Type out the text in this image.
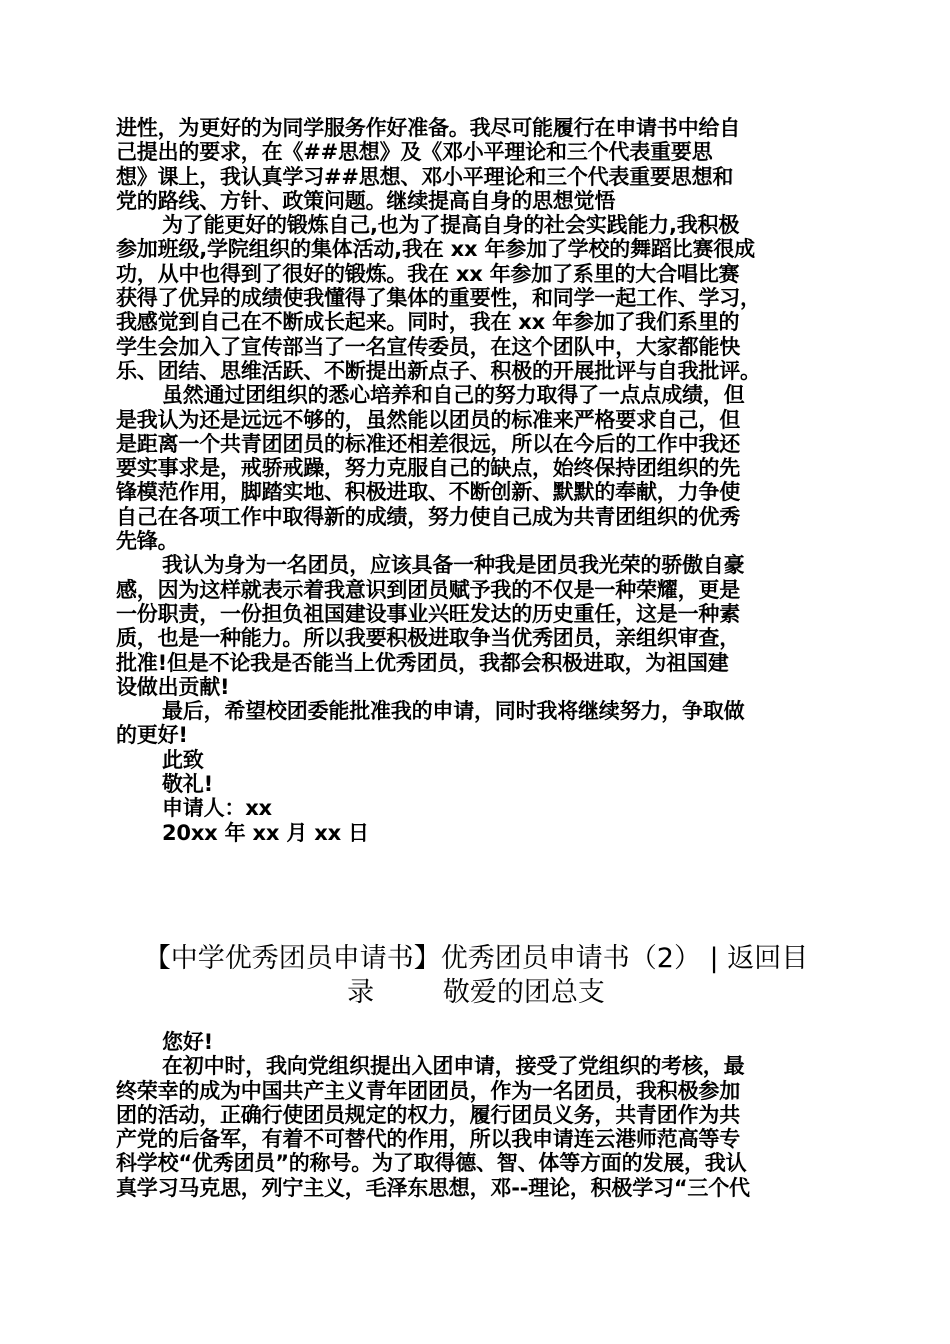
进性，为更好的为同学服务作好准备。我尽可能履行在申请书中给自
己提出的要求，在《##思想》及《邓小平理论和三个代表重要思
想》课上，我认真学习##思想、邓小平理论和三个代表重要思想和
党的路线、方针、政策问题。继续提高自身的思想觉悟
为了能更好的锻炼自己,也为了提高自身的社会实践能力,我积极
参加班级,学院组织的集体活动,我在 xx 年参加了学校的舞蹈比赛很成
功，从中也得到了很好的锻炼。我在 xx 年参加了系里的大合唱比赛
获得了优异的成绩使我懂得了集体的重要性，和同学一起工作、学习，
我感觉到自己在不断成长起来。同时，我在 xx 年参加了我们系里的
学生会加入了宣传部当了一名宣传委员，在这个团队中，大家都能快
乐、团结、思维活跃、不断提出新点子、积极的开展批评与自我批评。
虽然通过团组织的悉心培养和自己的努力取得了一点点成绩，但
是我认为还是远远不够的，虽然能以团员的标准来严格要求自己，但
是距离一个共青团团员的标准还相差很远，所以在今后的工作中我还
要实事求是，戒骄戒躁，努力克服自己的缺点，始终保持团组织的先
锋模范作用，脚踏实地、积极进取、不断创新、默默的奉献，力争使
自己在各项工作中取得新的成绩，努力使自己成为共青团组织的优秀
先锋。
我认为身为一名团员，应该具备一种我是团员我光荣的骄傲自豪
感，因为这样就表示着我意识到团员赋予我的不仅是一种荣耀，更是
一份职责，一份担负祖国建设事业兴旺发达的历史重任，这是一种素
质，也是一种能力。所以我要积极进取争当优秀团员，亲组织审查，
批准!但是不论我是否能当上优秀团员，我都会积极进取，为祖国建
设做出贡献!
最后，希望校团委能批准我的申请，同时我将继续努力，争取做
的更好!
此致
敬礼!
申请人：xx
20xx 年 xx 月 xx 日
【中学优秀团员申请书】优秀团员申请书（2） | 返回目
录        敬爱的团总支
您好!
在初中时，我向党组织提出入团申请，接受了党组织的考核，最
终荣幸的成为中国共产主义青年团团员，作为一名团员，我积极参加
团的活动，正确行使团员规定的权力，履行团员义务，共青团作为共
产党的后备军，有着不可替代的作用，所以我申请连云港师范高等专
科学校“优秀团员”的称号。为了取得德、智、体等方面的发展，我认
真学习马克思，列宁主义，毛泽东思想，邓--理论，积极学习“三个代
